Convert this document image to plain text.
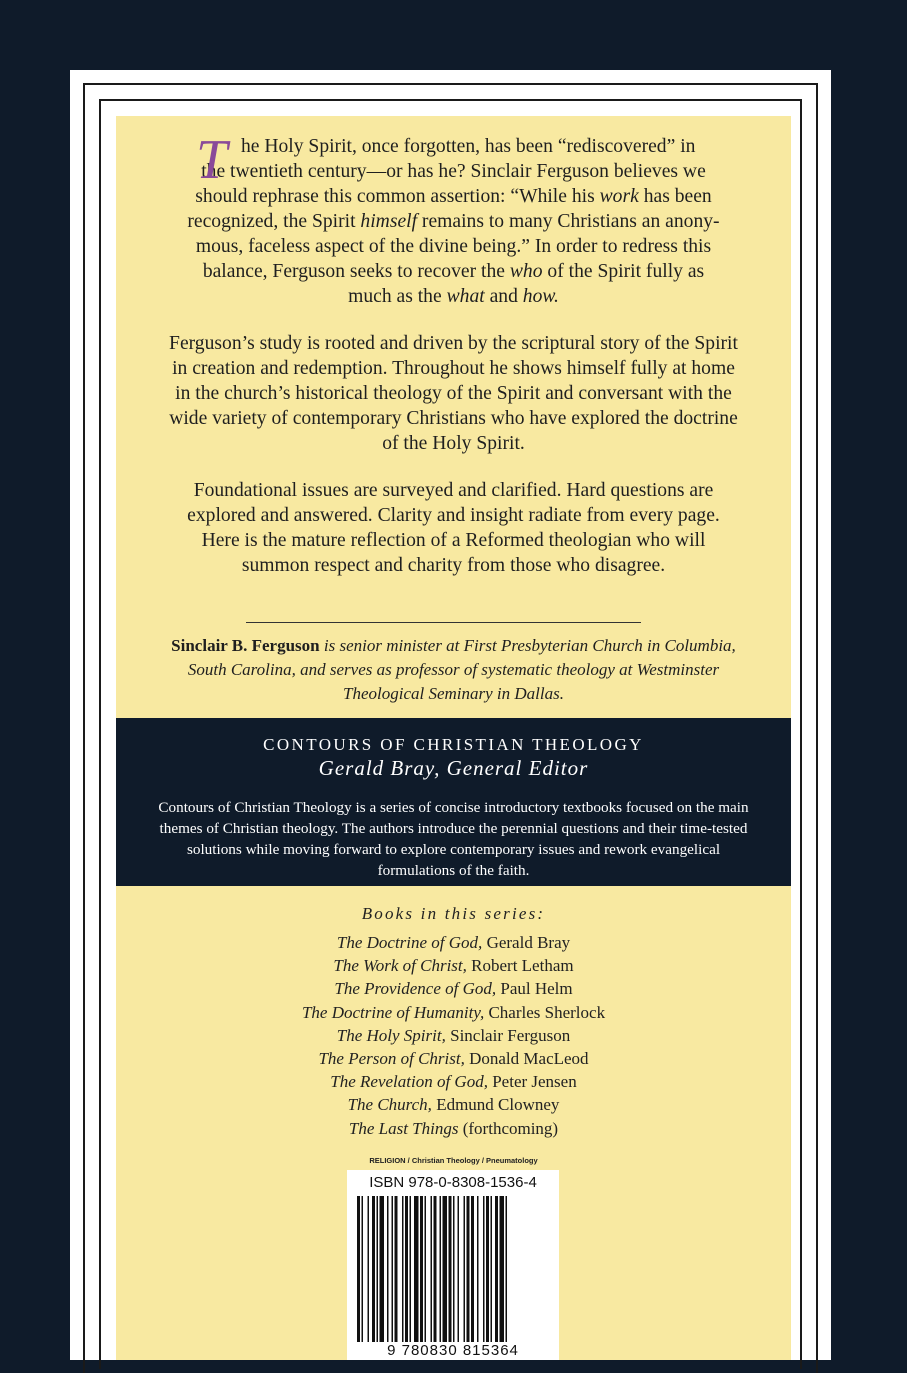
T he Holy Spirit, once forgotten, has been “rediscovered” in
the twentieth century—or has he? Sinclair Ferguson believes we
should rephrase this common assertion: “While his work has been
recognized, the Spirit himself remains to many Christians an anony-
mous, faceless aspect of the divine being.” In order to redress this
balance, Ferguson seeks to recover the who of the Spirit fully as
much as the what and how.

Ferguson’s study is rooted and driven by the scriptural story of the Spirit in creation and redemption. Throughout he shows himself fully at home in the church’s historical theology of the Spirit and conversant with the wide variety of contemporary Christians who have explored the doctrine of the Holy Spirit.

Foundational issues are surveyed and clarified. Hard questions are explored and answered. Clarity and insight radiate from every page. Here is the mature reflection of a Reformed theologian who will summon respect and charity from those who disagree.

Sinclair B. Ferguson is senior minister at First Presbyterian Church in Columbia, South Carolina, and serves as professor of systematic theology at Westminster Theological Seminary in Dallas.
CONTOURS OF CHRISTIAN THEOLOGY
Gerald Bray, General Editor
Contours of Christian Theology is a series of concise introductory textbooks focused on the main themes of Christian theology. The authors introduce the perennial questions and their time-tested solutions while moving forward to explore contemporary issues and rework evangelical formulations of the faith.
Books in this series:
The Doctrine of God, Gerald Bray
The Work of Christ, Robert Letham
The Providence of God, Paul Helm
The Doctrine of Humanity, Charles Sherlock
The Holy Spirit, Sinclair Ferguson
The Person of Christ, Donald MacLeod
The Revelation of God, Peter Jensen
The Church, Edmund Clowney
The Last Things (forthcoming)
RELIGION / Christian Theology / Pneumatology
ISBN 978-0-8308-1536-4
9 780830 815364
